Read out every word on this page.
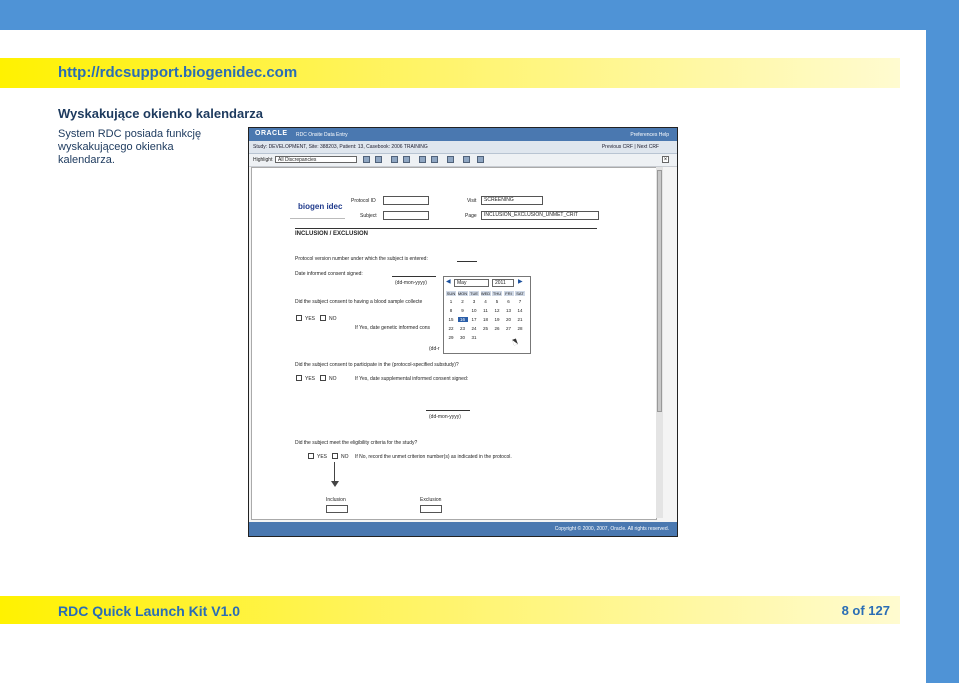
http://rdcsupport.biogenidec.com
Wyskakujące okienko kalendarza
System RDC posiada funkcję
wyskakującego okienka
kalendarza.
ORACLE RDC Onsite Data Entry	Preferences Help
Study: DEVELOPMENT, Site: 388203, Patient: 13, Casebook: 2006 TRAINING	Previous CRF | Next CRF
Highlight	All Discrepancies	×
biogen idec
Protocol ID
Subject
Visit	SCREENING
Page	INCLUSION_EXCLUSION_UNMET_CRIT
INCLUSION / EXCLUSION
Protocol version number under which the subject is entered:
Date informed consent signed:
(dd-mon-yyyy)
Did the subject consent to having a blood sample collecte
YES	NO
If Yes, date genetic informed cons
(dd-r
Did the subject consent to participate in the (protocol-specified substudy)?
YES	NO	If Yes, date supplemental informed consent signed:
(dd-mon-yyyy)
Did the subject meet the eligibility criteria for the study?
YES	NO If No, record the unmet criterion number(s) as indicated in the protocol.
Inclusion	Exclusion
◀	May	2011	▶
SUN MON TUE WED THU	FRI	SAT
1	2	3	4	5	6	7
8	9	10	11	12	13	14
15	16	17	18	19	20	21
22	23	24	25	26	27	28
29	30	31
Copyright © 2000, 2007, Oracle. All rights reserved.
RDC Quick Launch Kit V1.0	8 of 127
